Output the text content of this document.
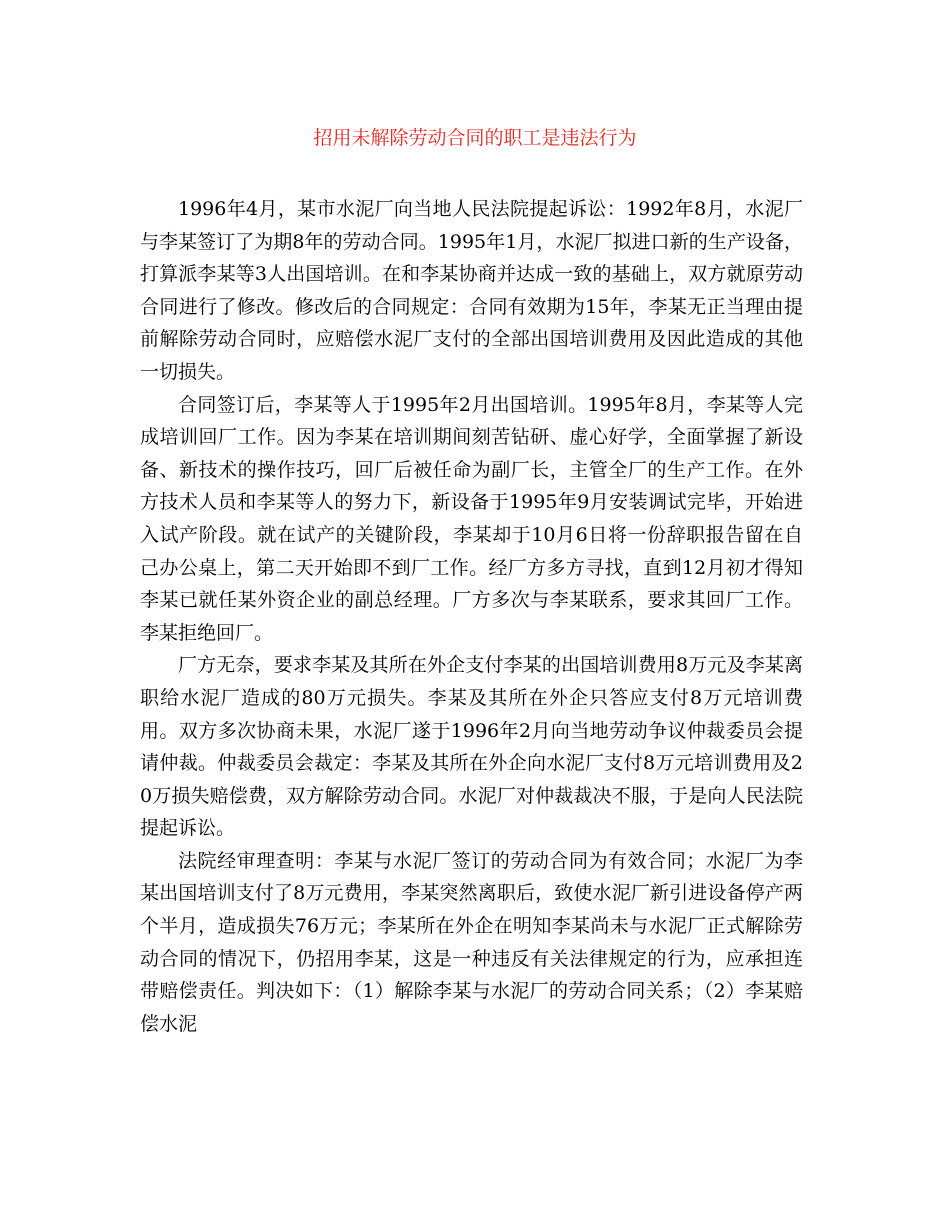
招用未解除劳动合同的职工是违法行为

1996年4月，某市水泥厂向当地人民法院提起诉讼：1992年8月，水泥厂与李某签订了为期8年的劳动合同。1995年1月，水泥厂拟进口新的生产设备，打算派李某等3人出国培训。在和李某协商并达成一致的基础上，双方就原劳动合同进行了修改。修改后的合同规定：合同有效期为15年，李某无正当理由提前解除劳动合同时，应赔偿水泥厂支付的全部出国培训费用及因此造成的其他一切损失。

合同签订后，李某等人于1995年2月出国培训。1995年8月，李某等人完成培训回厂工作。因为李某在培训期间刻苦钻研、虚心好学，全面掌握了新设备、新技术的操作技巧，回厂后被任命为副厂长，主管全厂的生产工作。在外方技术人员和李某等人的努力下，新设备于1995年9月安装调试完毕，开始进入试产阶段。就在试产的关键阶段，李某却于10月6日将一份辞职报告留在自己办公桌上，第二天开始即不到厂工作。经厂方多方寻找，直到12月初才得知李某已就任某外资企业的副总经理。厂方多次与李某联系，要求其回厂工作。李某拒绝回厂。

厂方无奈，要求李某及其所在外企支付李某的出国培训费用8万元及李某离职给水泥厂造成的80万元损失。李某及其所在外企只答应支付8万元培训费用。双方多次协商未果，水泥厂遂于1996年2月向当地劳动争议仲裁委员会提请仲裁。仲裁委员会裁定：李某及其所在外企向水泥厂支付8万元培训费用及20万损失赔偿费，双方解除劳动合同。水泥厂对仲裁裁决不服，于是向人民法院提起诉讼。

法院经审理查明：李某与水泥厂签订的劳动合同为有效合同；水泥厂为李某出国培训支付了8万元费用，李某突然离职后，致使水泥厂新引进设备停产两个半月，造成损失76万元；李某所在外企在明知李某尚未与水泥厂正式解除劳动合同的情况下，仍招用李某，这是一种违反有关法律规定的行为，应承担连带赔偿责任。判决如下：（1）解除李某与水泥厂的劳动合同关系；（2）李某赔偿水泥
